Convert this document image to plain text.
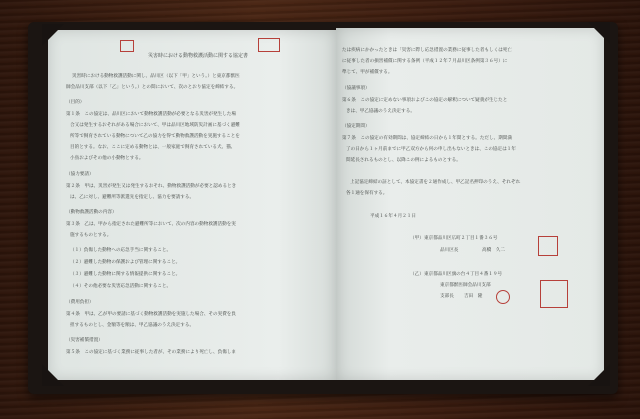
災害時における動物救護活動に関する協定書
災害時における動物救護活動に関し、品川区（以下「甲」という。）と東京都獣医
師会品川支部（以下「乙」という。）との間において、次のとおり協定を締結する。
（目的）
第１条　この協定は、品川区において動物救護活動が必要となる災害が発生した場
合又は発生するおそれがある場合において、甲は品川区地域防災計画に基づく避難
所等で飼育されている動物について乙の協力を得て動物救護活動を実施することを
目的とする。なお、ここに定める動物とは、一般家庭で飼育されている犬、猫、
小鳥およびその他の小動物とする。
（協力要請）
第２条　甲は、災害が発生又は発生するおそれ、動物救護活動が必要と認めるとき
は、乙に対し、避難所等派遣先を指定し、協力を要請する。
（動物救護活動の内容）
第３条　乙は、甲から指定された避難所等において、次の内容の動物救護活動を実
施するものとする。
（１）負傷した動物への応急手当に関すること。
（２）避難した動物の保護および管理に関すること。
（３）避難した動物に関する情報提供に関すること。
（４）その他必要な災害応急活動に関すること。
（費用負担）
第４条　甲は、乙が甲の要請に基づく動物救護活動を実施した場合、その実費を負
担するものとし、金額等を額は、甲乙協議のうえ決定する。
（災害補償措置）
第５条　この協定に基づく業務に従事した者が、その業務により死亡し、負傷しま
たは疾病にかかったときは「災害に際し応急措置の業務に従事した者もしくは死亡
に従事した者の損害補償に関する条例（平成１２年７月品川区条例第３６号）に
準じて、甲が補償する。
（協議事項）
第６条　この協定に定めない事項およびこの協定の解釈について疑義が生じたと
きは、甲乙協議のうえ決定する。
（協定期間）
第７条　この協定の有効期間は、協定締結の日から１年間とする。ただし、期間満
了の日から１ヶ月前までに甲乙双方から何の申し出もないときは、この協定は１年
間延長されるものとし、以降この例によるものとする。
上記協定締結の証として、本協定書を２通作成し、甲乙記名押印のうえ、それぞれ
各１通を保有する。
平成１６年４月２１日
（甲） 東京都品川区広町２丁目１番３６号
品川区長	高橋　久二
（乙） 東京都品川区旗の台４丁目４番１９号
東京都獣医師会品川支部
支部長 吉田　隆
